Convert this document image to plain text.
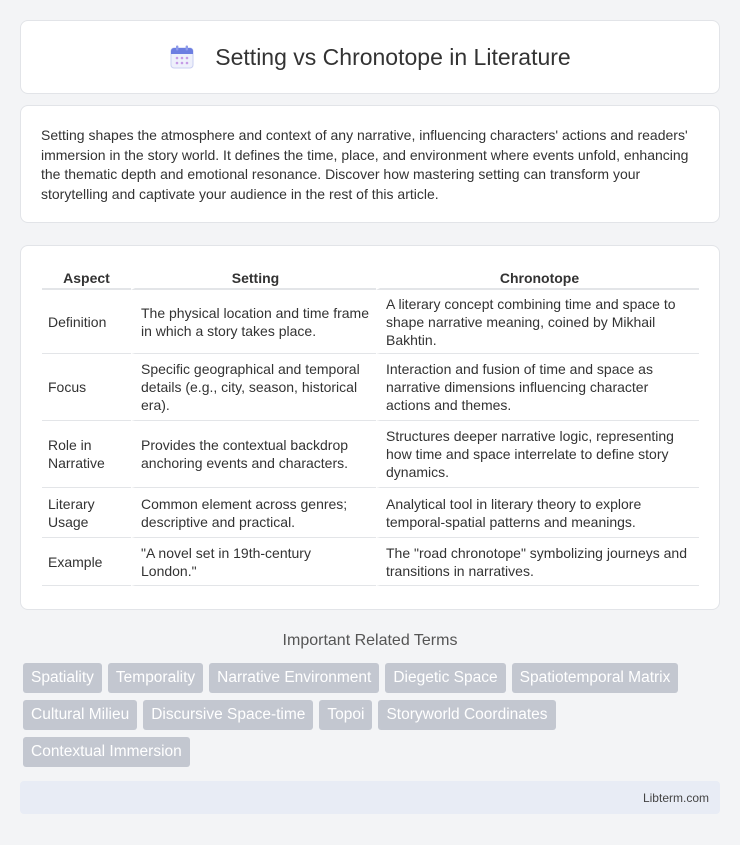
Setting vs Chronotope in Literature

Setting shapes the atmosphere and context of any narrative, influencing characters' actions and readers' immersion in the story world. It defines the time, place, and environment where events unfold, enhancing the thematic depth and emotional resonance. Discover how mastering setting can transform your storytelling and captivate your audience in the rest of this article.

Aspect	Setting	Chronotope
Definition	The physical location and time frame in which a story takes place.	A literary concept combining time and space to shape narrative meaning, coined by Mikhail Bakhtin.
Focus	Specific geographical and temporal details (e.g., city, season, historical era).	Interaction and fusion of time and space as narrative dimensions influencing character actions and themes.
Role in Narrative	Provides the contextual backdrop anchoring events and characters.	Structures deeper narrative logic, representing how time and space interrelate to define story dynamics.
Literary Usage	Common element across genres; descriptive and practical.	Analytical tool in literary theory to explore temporal-spatial patterns and meanings.
Example	"A novel set in 19th-century London."	The "road chronotope" symbolizing journeys and transitions in narratives.
Important Related Terms
Spatiality	Temporality	Narrative Environment	Diegetic Space	Spatiotemporal Matrix
Cultural Milieu	Discursive Space-time	Topoi	Storyworld Coordinates
Contextual Immersion
Libterm.com
